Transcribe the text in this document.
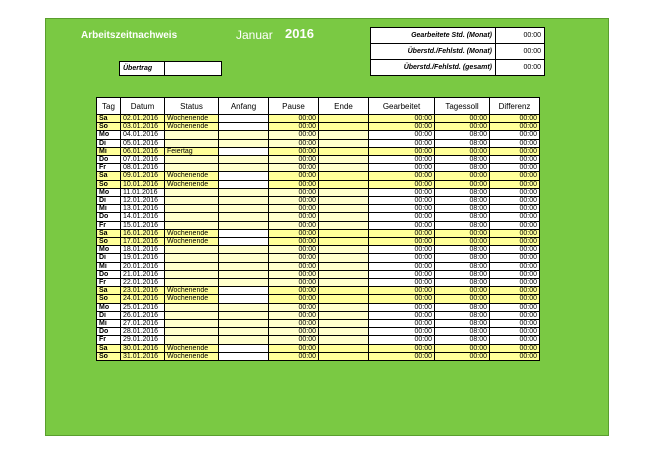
Arbeitszeitnachweis	Januar 2016	Gearbeitete Std. (Monat)	00:00
Überstd./Fehlstd. (Monat)	00:00
Überstd./Fehlstd. (gesamt)	00:00
Übertrag	
Tag	Datum	Status	Anfang	Pause	Ende	Gearbeitet	Tagessoll	Differenz
Sa	02.01.2016	Wochenende		00:00		00:00	00:00	00:00
So	03.01.2016	Wochenende		00:00		00:00	00:00	00:00
Mo	04.01.2016			00:00		00:00	08:00	00:00
Di	05.01.2016			00:00		00:00	08:00	00:00
Mi	06.01.2016	Feiertag		00:00		00:00	00:00	00:00
Do	07.01.2016			00:00		00:00	08:00	00:00
Fr	08.01.2016			00:00		00:00	08:00	00:00
Sa	09.01.2016	Wochenende		00:00		00:00	00:00	00:00
So	10.01.2016	Wochenende		00:00		00:00	00:00	00:00
Mo	11.01.2016			00:00		00:00	08:00	00:00
Di	12.01.2016			00:00		00:00	08:00	00:00
Mi	13.01.2016			00:00		00:00	08:00	00:00
Do	14.01.2016			00:00		00:00	08:00	00:00
Fr	15.01.2016			00:00		00:00	08:00	00:00
Sa	16.01.2016	Wochenende		00:00		00:00	00:00	00:00
So	17.01.2016	Wochenende		00:00		00:00	00:00	00:00
Mo	18.01.2016			00:00		00:00	08:00	00:00
Di	19.01.2016			00:00		00:00	08:00	00:00
Mi	20.01.2016			00:00		00:00	08:00	00:00
Do	21.01.2016			00:00		00:00	08:00	00:00
Fr	22.01.2016			00:00		00:00	08:00	00:00
Sa	23.01.2016	Wochenende		00:00		00:00	00:00	00:00
So	24.01.2016	Wochenende		00:00		00:00	00:00	00:00
Mo	25.01.2016			00:00		00:00	08:00	00:00
Di	26.01.2016			00:00		00:00	08:00	00:00
Mi	27.01.2016			00:00		00:00	08:00	00:00
Do	28.01.2016			00:00		00:00	08:00	00:00
Fr	29.01.2016			00:00		00:00	08:00	00:00
Sa	30.01.2016	Wochenende		00:00		00:00	00:00	00:00
So	31.01.2016	Wochenende		00:00		00:00	00:00	00:00
